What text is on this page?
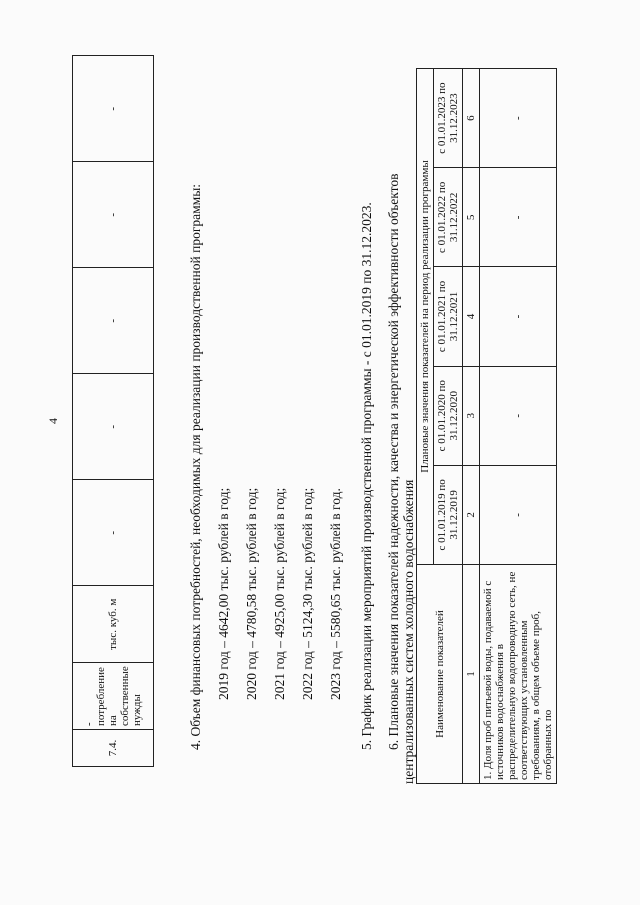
4
7.4.	- потребление на собственные нужды	тыс. куб. м	-	-	-	-	-
4. Объем финансовых потребностей, необходимых для реализации производственной программы: 2019 год – 4642,00 тыс. рублей в год; 2020 год – 4780,58 тыс. рублей в год; 2021 год – 4925,00 тыс. рублей в год; 2022 год – 5124,30 тыс. рублей в год; 2023 год – 5580,65 тыс. рублей в год. 5. График реализации мероприятий производственной программы - с 01.01.2019 по 31.12.2023. 6. Плановые значения показателей надежности, качества и энергетической эффективности объектов централизованных систем холодного водоснабжения Наименование показателей	Плановые значения показателей на период реализации программы				
	с 01.01.2019 по 31.12.2019	с 01.01.2020 по 31.12.2020	с 01.01.2021 по 31.12.2021	с 01.01.2022 по 31.12.2022	с 01.01.2023 по 31.12.2023
1	2	3	4	5	6
1. Доля проб питьевой воды, подаваемой с источников водоснабжения в распределительную водопроводную сеть, не соответствующих установленным требованиям, в общем объеме проб, отобранных по	-	-	-	-	-
